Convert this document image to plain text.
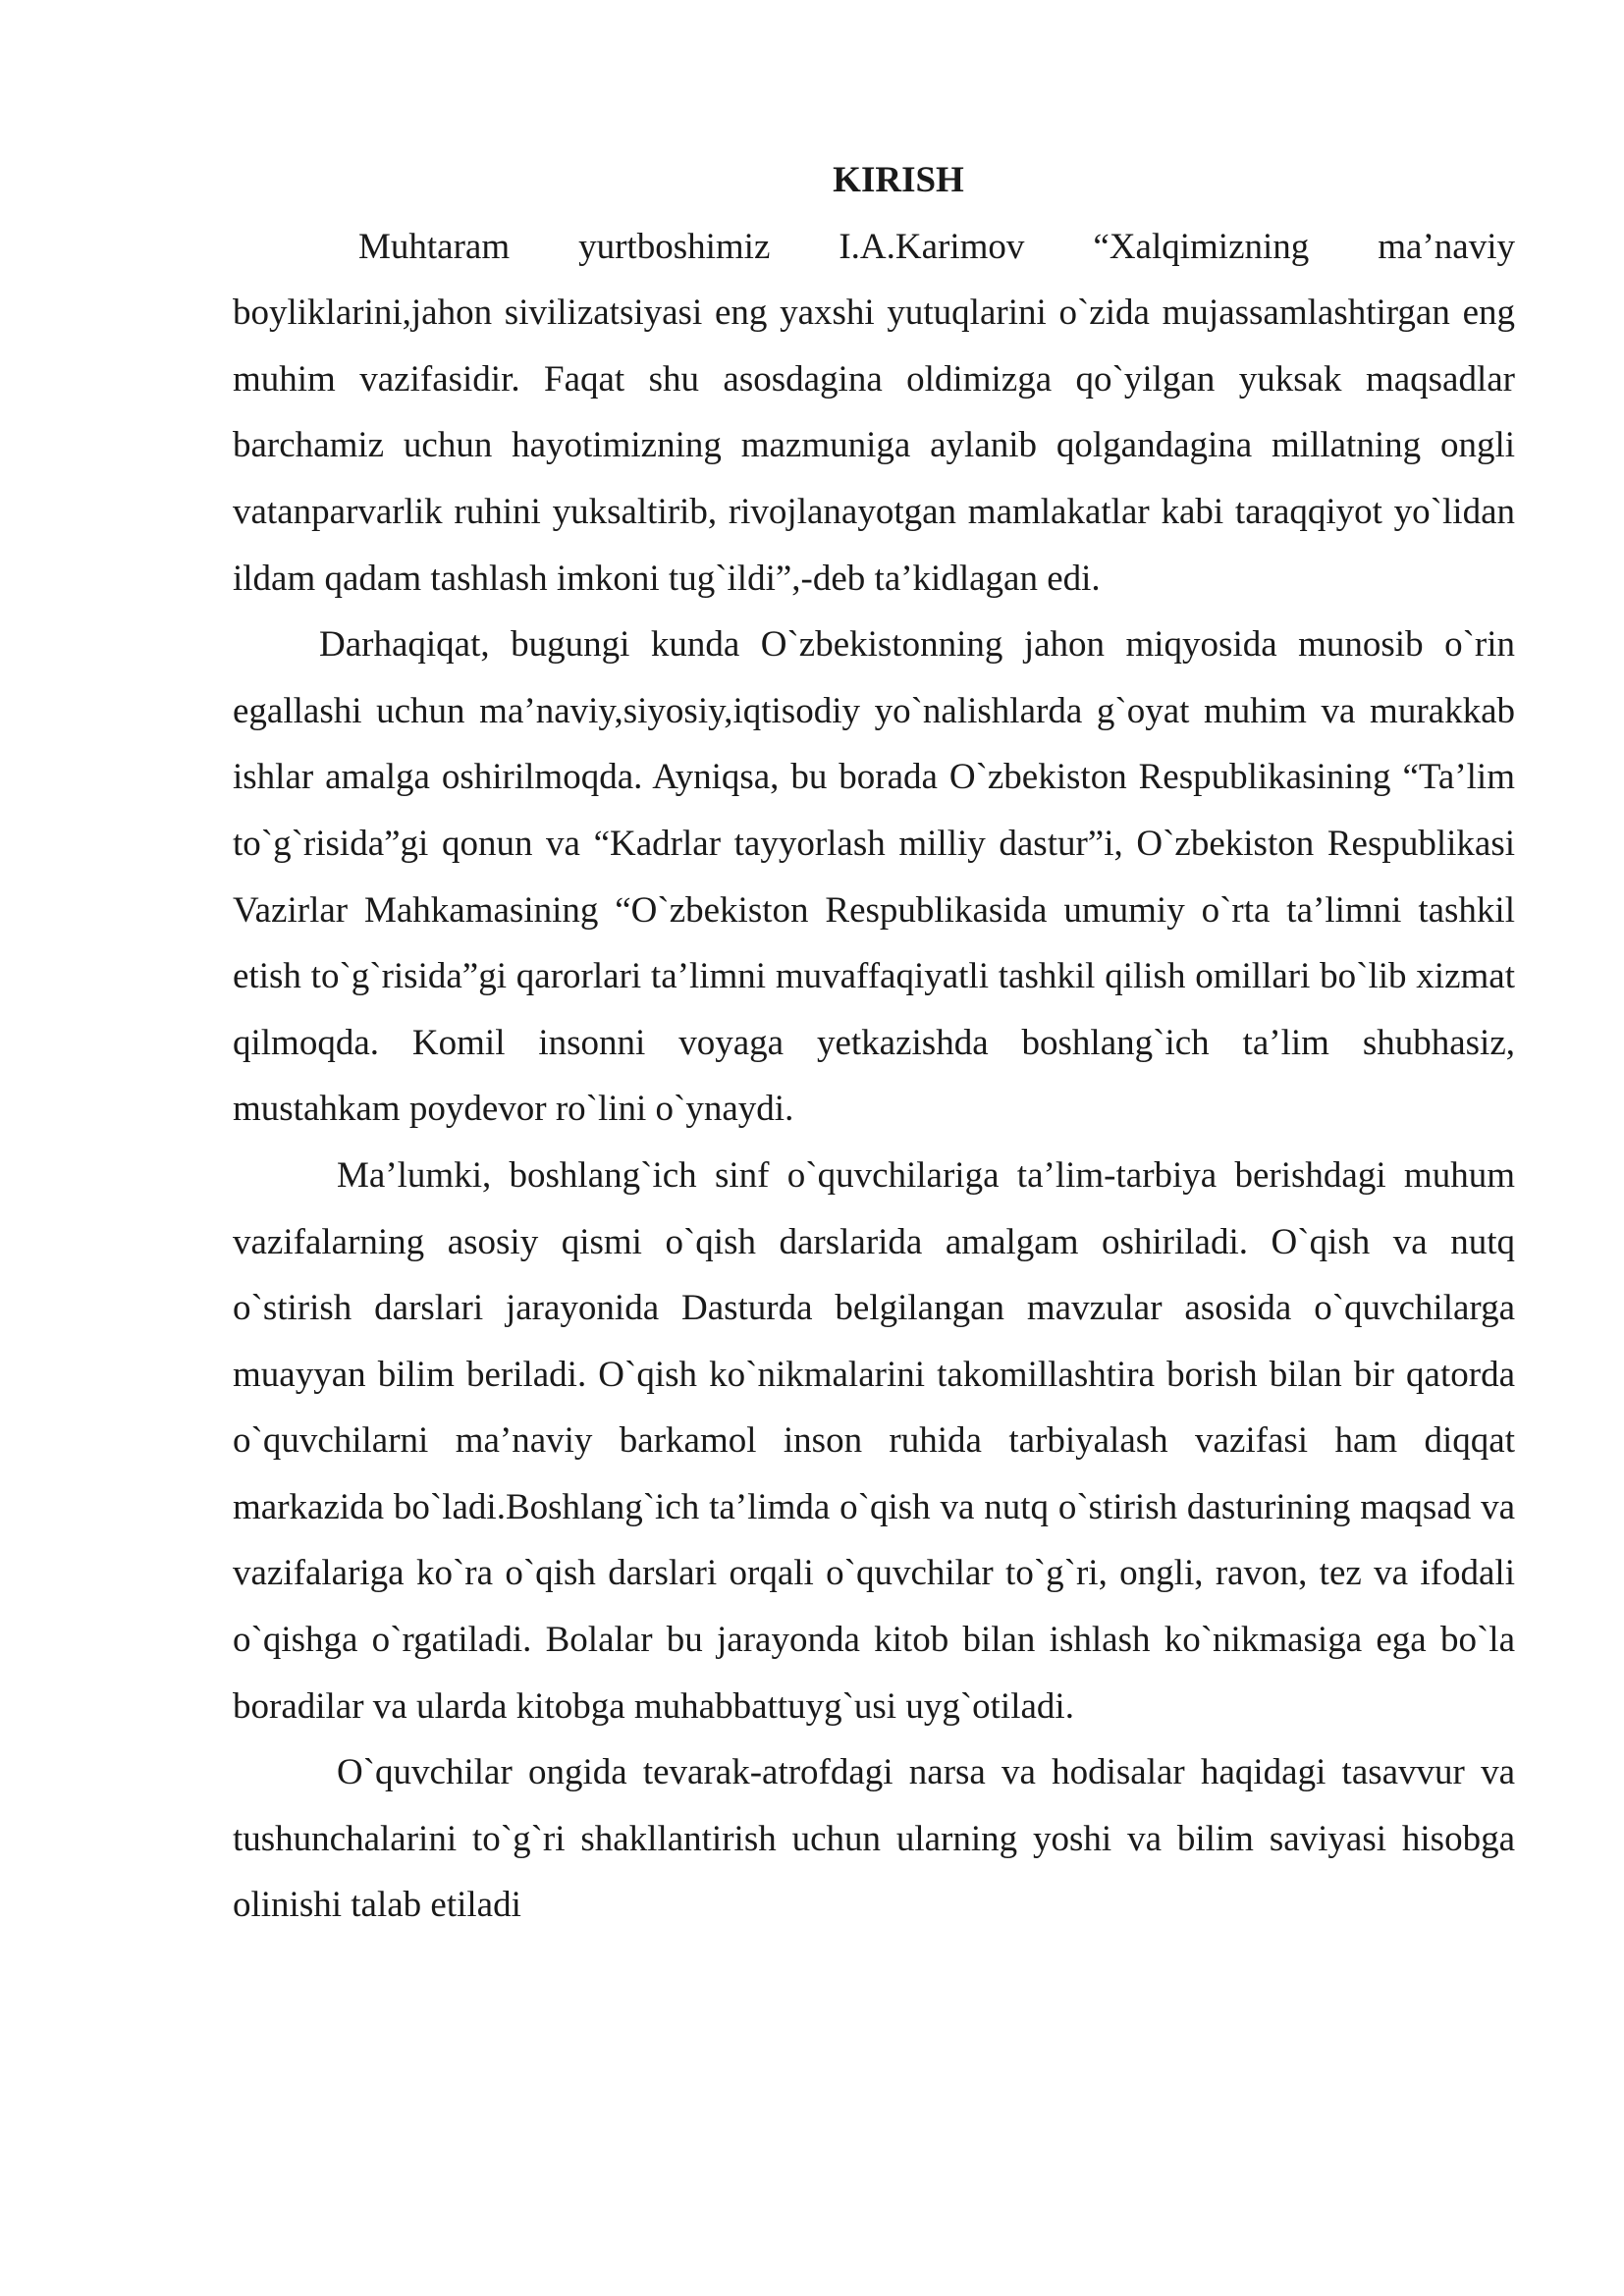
KIRISH

Muhtaram yurtboshimiz I.A.Karimov “Xalqimizning ma’naviy boyliklarini,jahon sivilizatsiyasi eng yaxshi yutuqlarini o`zida mujassamlashtirgan eng muhim vazifasidir. Faqat shu asosdagina oldimizga qo`yilgan yuksak maqsadlar barchamiz uchun hayotimizning mazmuniga aylanib qolgandagina millatning ongli vatanparvarlik ruhini yuksaltirib, rivojlanayotgan mamlakatlar kabi taraqqiyot yo`lidan ildam qadam tashlash imkoni tug`ildi”,-deb ta’kidlagan edi.

Darhaqiqat, bugungi kunda O`zbekistonning jahon miqyosida munosib o`rin egallashi uchun ma’naviy,siyosiy,iqtisodiy yo`nalishlarda g`oyat muhim va murakkab ishlar amalga oshirilmoqda. Ayniqsa, bu borada O`zbekiston Respublikasining “Ta’lim to`g`risida”gi qonun va “Kadrlar tayyorlash milliy dastur”i, O`zbekiston Respublikasi Vazirlar Mahkamasining “O`zbekiston Respublikasida umumiy o`rta ta’limni tashkil etish to`g`risida”gi qarorlari ta’limni muvaffaqiyatli tashkil qilish omillari bo`lib xizmat qilmoqda. Komil insonni voyaga yetkazishda boshlang`ich ta’lim shubhasiz, mustahkam poydevor ro`lini o`ynaydi.

Ma’lumki, boshlang`ich sinf o`quvchilariga ta’lim-tarbiya berishdagi muhum vazifalarning asosiy qismi o`qish darslarida amalgam oshiriladi. O`qish va nutq o`stirish darslari jarayonida Dasturda belgilangan mavzular asosida o`quvchilarga muayyan bilim beriladi. O`qish ko`nikmalarini takomillashtira borish bilan bir qatorda o`quvchilarni ma’naviy barkamol inson ruhida tarbiyalash vazifasi ham diqqat markazida bo`ladi.Boshlang`ich ta’limda o`qish va nutq o`stirish dasturining maqsad va vazifalariga ko`ra o`qish darslari orqali o`quvchilar to`g`ri, ongli, ravon, tez va ifodali o`qishga o`rgatiladi. Bolalar bu jarayonda kitob bilan ishlash ko`nikmasiga ega bo`la boradilar va ularda kitobga muhabbattuyg`usi uyg`otiladi.

O`quvchilar ongida tevarak-atrofdagi narsa va hodisalar haqidagi tasavvur va tushunchalarini to`g`ri shakllantirish uchun ularning yoshi va bilim saviyasi hisobga olinishi talab etiladi
